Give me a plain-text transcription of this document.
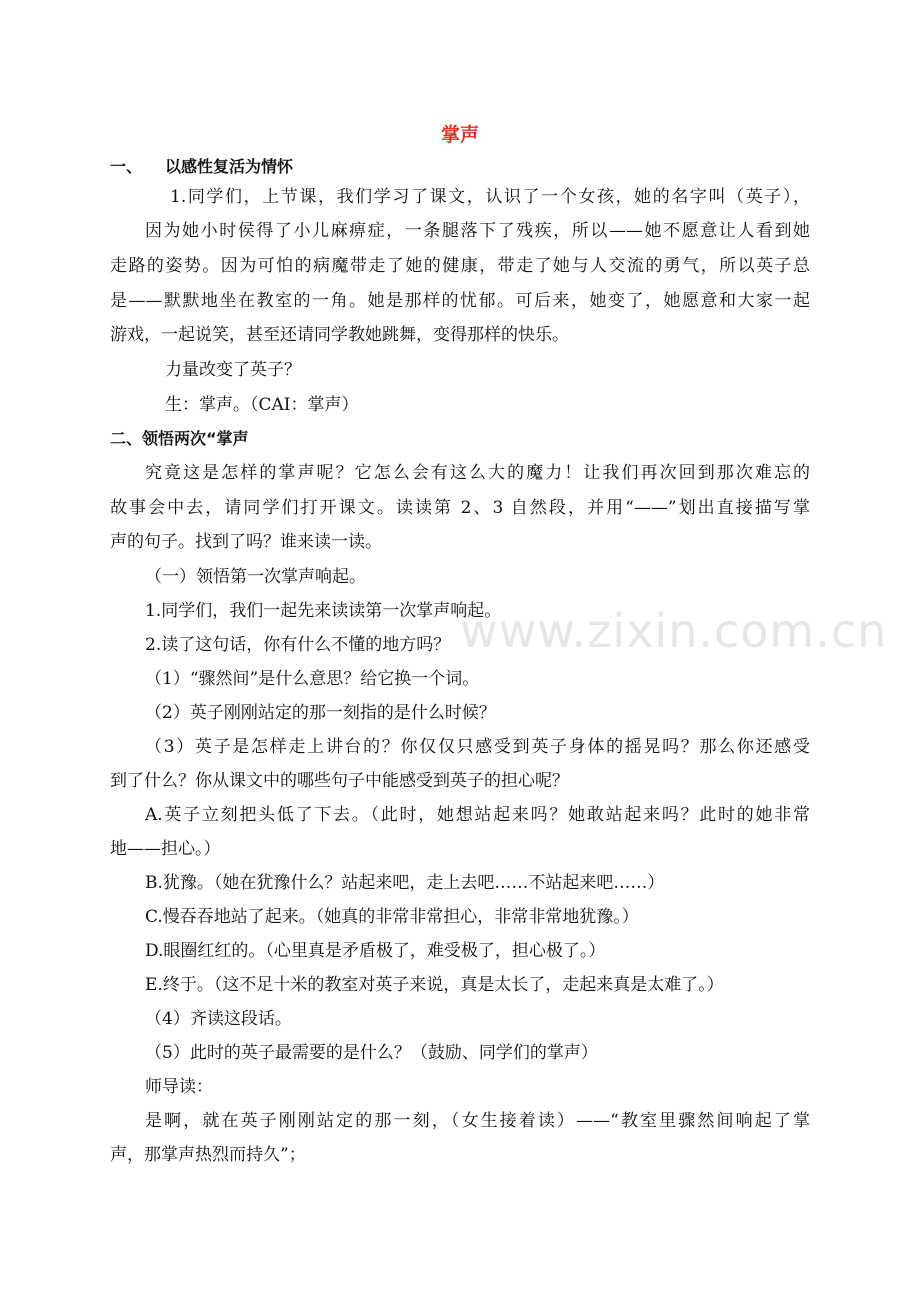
掌声
一、 以感性复活为情怀
1.同学们，上节课，我们学习了课文，认识了一个女孩，她的名字叫（英子），
因为她小时侯得了小儿麻痹症，一条腿落下了残疾，所以——她不愿意让人看到她
走路的姿势。因为可怕的病魔带走了她的健康，带走了她与人交流的勇气，所以英子总
是——默默地坐在教室的一角。她是那样的忧郁。可后来，她变了，她愿意和大家一起
游戏，一起说笑，甚至还请同学教她跳舞，变得那样的快乐。
力量改变了英子？
生：掌声。（CAI：掌声）
二、领悟两次“掌声
究竟这是怎样的掌声呢？它怎么会有这么大的魔力！让我们再次回到那次难忘的
故事会中去，请同学们打开课文。读读第 2、3 自然段，并用“——”划出直接描写掌
声的句子。找到了吗？谁来读一读。
（一）领悟第一次掌声响起。
1.同学们，我们一起先来读读第一次掌声响起。
2.读了这句话，你有什么不懂的地方吗？
（1）“骤然间”是什么意思？给它换一个词。
（2）英子刚刚站定的那一刻指的是什么时候？
（3）英子是怎样走上讲台的？你仅仅只感受到英子身体的摇晃吗？那么你还感受
到了什么？你从课文中的哪些句子中能感受到英子的担心呢？
A.英子立刻把头低了下去。（此时，她想站起来吗？她敢站起来吗？此时的她非常
地——担心。）
B.犹豫。（她在犹豫什么？站起来吧，走上去吧……不站起来吧……）
C.慢吞吞地站了起来。（她真的非常非常担心，非常非常地犹豫。）
D.眼圈红红的。（心里真是矛盾极了，难受极了，担心极了。）
E.终于。（这不足十米的教室对英子来说，真是太长了，走起来真是太难了。）
（4）齐读这段话。
（5）此时的英子最需要的是什么？（鼓励、同学们的掌声）
师导读：
是啊，就在英子刚刚站定的那一刻，（女生接着读）——“教室里骤然间响起了掌
声，那掌声热烈而持久”；
www.zixin.com.cn
